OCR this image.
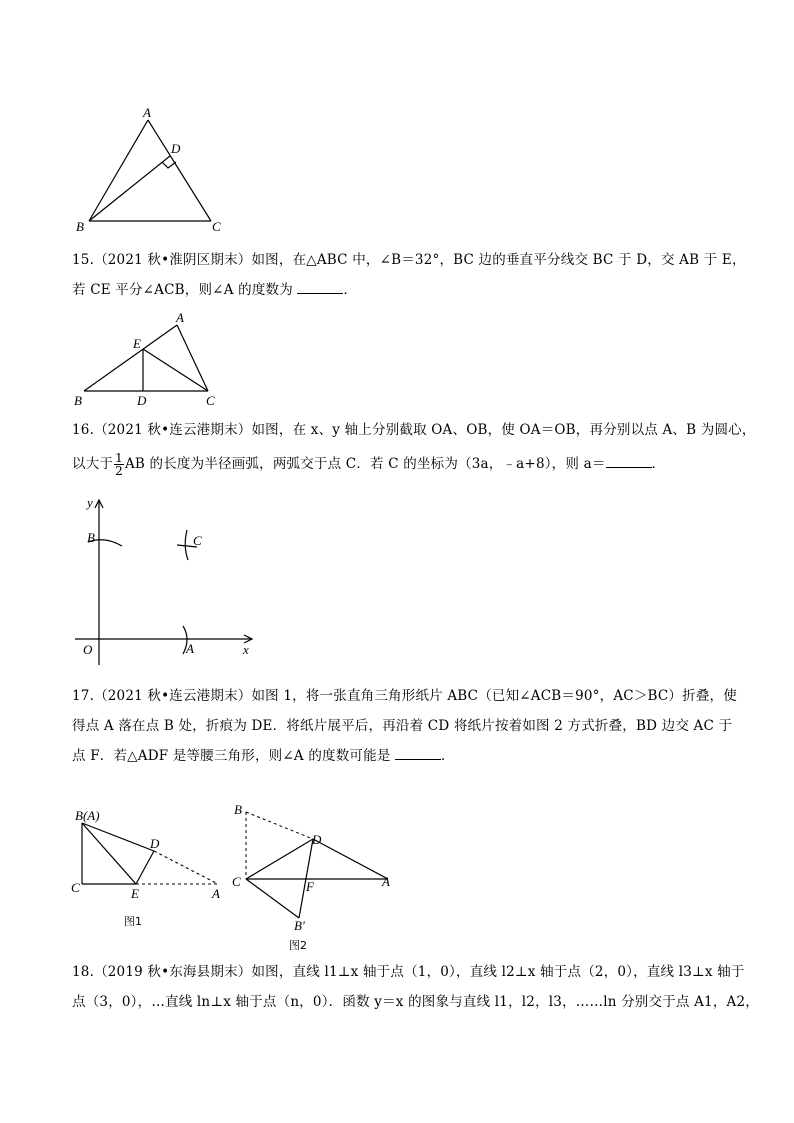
A
D
B	C
15.（2021 秋•淮阴区期末）如图，在△ABC 中，∠B＝32°，BC 边的垂直平分线交 BC 于 D，交 AB 于 E，
若 CE 平分∠ACB，则∠A 的度数为	．
A
E
B	D	C
16.（2021 秋•连云港期末）如图，在 x、y 轴上分别截取 OA、OB，使 OA＝OB，再分别以点 A、B 为圆心，
以大于 $\frac{1}{2}$ AB 的长度为半径画弧，两弧交于点 C．若 C 的坐标为（3a，﹣a+8），则 a＝	．
y
B	C
O	A	x
17.（2021 秋•连云港期末）如图 1，将一张直角三角形纸片 ABC（已知∠ACB＝90°，AC＞BC）折叠，使
得点 A 落在点 B 处，折痕为 DE．将纸片展平后，再沿着 CD 将纸片按着如图 2 方式折叠，BD 边交 AC 于
点 F．若△ADF 是等腰三角形，则∠A 的度数可能是	．
B(A)
D
C	E	A
图1
B
D
C	F	A
B′
图2
18.（2019 秋•东海县期末）如图，直线 l1⊥x 轴于点（1，0），直线 l2⊥x 轴于点（2，0），直线 l3⊥x 轴于
点（3，0），…直线 ln⊥x 轴于点（n，0）．函数 y＝x 的图象与直线 l1，l2，l3，……ln 分别交于点 A1，A2，
